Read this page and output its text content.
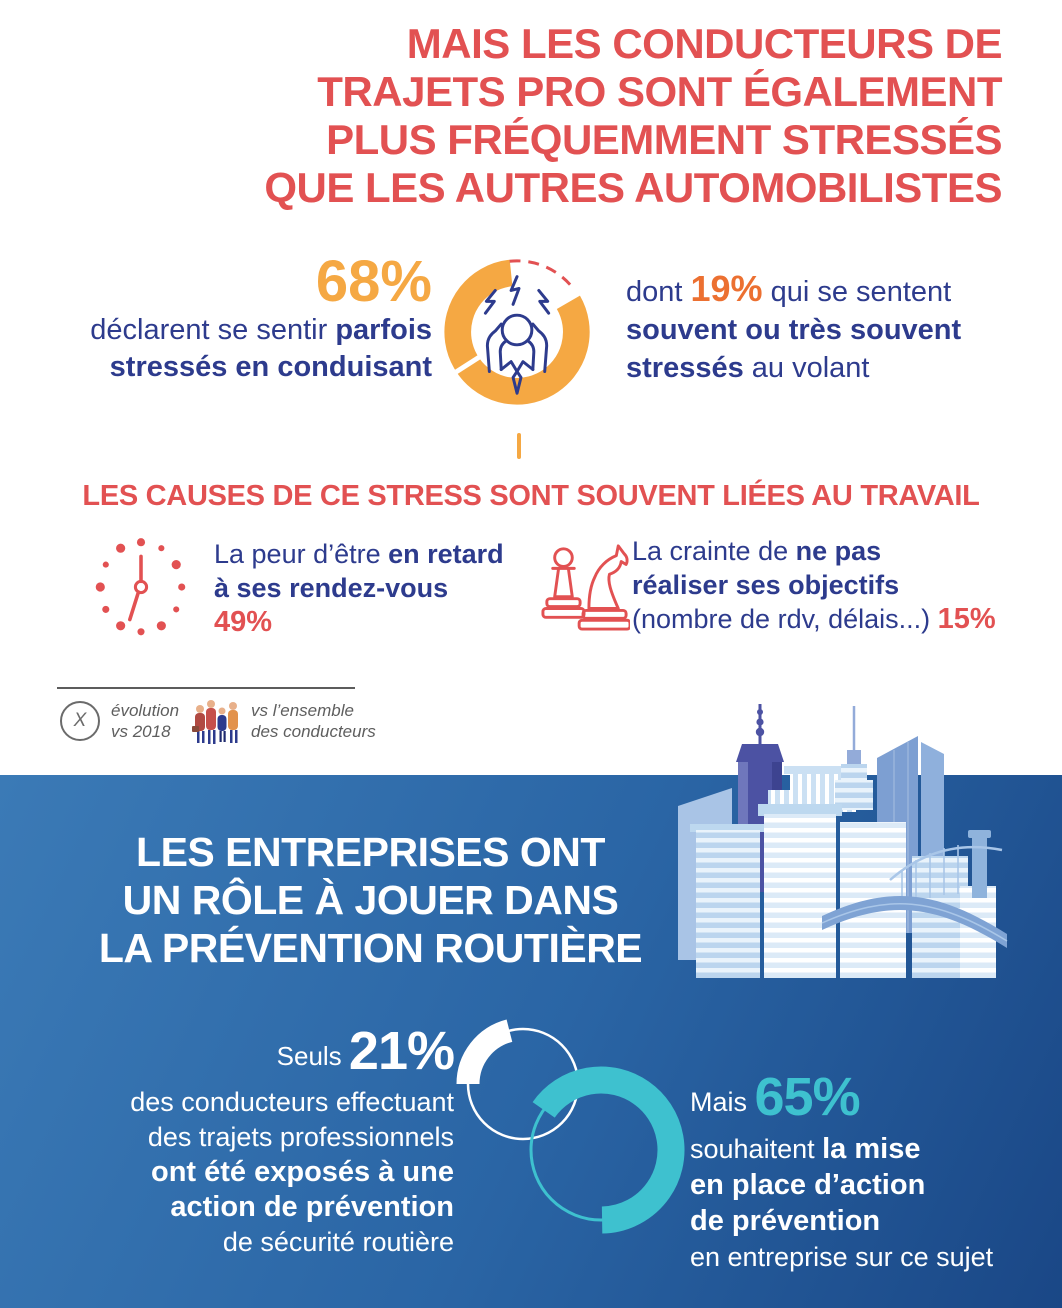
MAIS LES CONDUCTEURS DE
TRAJETS PRO SONT ÉGALEMENT
PLUS FRÉQUEMMENT STRESSÉS
QUE LES AUTRES AUTOMOBILISTES
68%
déclarent se sentir parfois
stressés en conduisant
dont 19% qui se sentent
souvent ou très souvent
stressés au volant
LES CAUSES DE CE STRESS SONT SOUVENT LIÉES AU TRAVAIL
La peur d’être en retard
à ses rendez-vous
49%
La crainte de ne pas
réaliser ses objectifs
(nombre de rdv, délais...) 15%
X	évolution
vs 2018
vs l’ensemble
des conducteurs
LES ENTREPRISES ONT
UN RÔLE À JOUER DANS
LA PRÉVENTION ROUTIÈRE
Seuls 21%
des conducteurs effectuant
des trajets professionnels
ont été exposés à une
action de prévention
de sécurité routière
Mais 65%
souhaitent la mise
en place d’action
de prévention
en entreprise sur ce sujet
